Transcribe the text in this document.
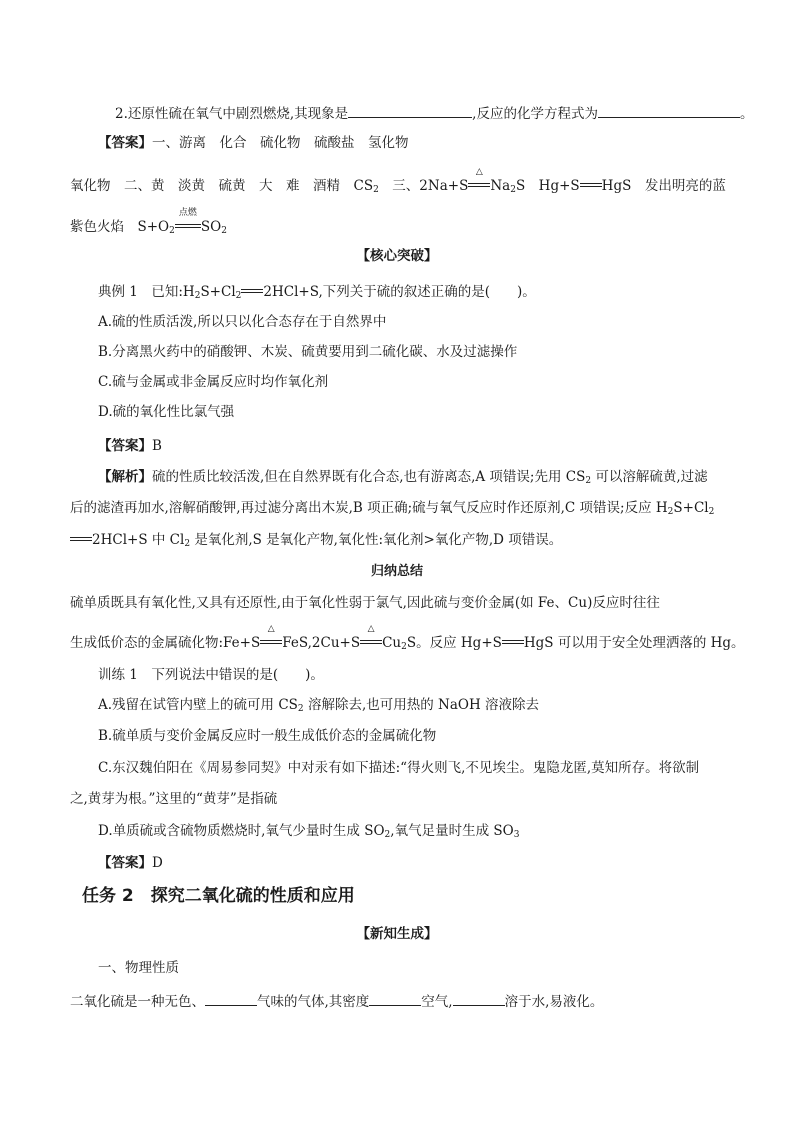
2.还原性硫在氧气中剧烈燃烧,其现象是	,反应的化学方程式为	。
【答案】一、游离　化合　硫化物　硫酸盐　氢化物
氧化物　二、黄　淡黄　硫黄　大　难　酒精　$CS_2$　三、2Na+S
△
$Na_2S$　Hg+S HgS　发出明亮的蓝
紫色火焰　$S+O_2$
点燃
$SO_2$
【核心突破】
典例 1　已知$:H_2S+Cl_2$ 2HCl+S,下列关于硫的叙述正确的是(　　)。
A.硫的性质活泼,所以只以化合态存在于自然界中
B.分离黑火药中的硝酸钾、木炭、硫黄要用到二硫化碳、水及过滤操作
C.硫与金属或非金属反应时均作氧化剂
D.硫的氧化性比氯气强
【答案】B
【解析】硫的性质比较活泼,但在自然界既有化合态,也有游离态,A 项错误;先用 $CS_2$ 可以溶解硫黄,过滤
后的滤渣再加水,溶解硝酸钾,再过滤分离出木炭,B 项正确;硫与氧气反应时作还原剂,C 项错误;反应 $H_2S+Cl_2$
2HCl+S 中 $Cl_2$ 是氧化剂,S 是氧化产物,氧化性:氧化剂>氧化产物,D 项错误。
归纳总结
硫单质既具有氧化性,又具有还原性,由于氧化性弱于氯气,因此硫与变价金属(如 Fe、Cu)反应时往往
生成低价态的金属硫化物:Fe+S
△
FeS,2Cu+S
△
$Cu_2S$。反应 Hg+S HgS 可以用于安全处理洒落的 Hg。
训练 1　下列说法中错误的是(　　)。
A.残留在试管内壁上的硫可用 $CS_2$ 溶解除去,也可用热的 NaOH 溶液除去
B.硫单质与变价金属反应时一般生成低价态的金属硫化物
C.东汉魏伯阳在《周易参同契》中对汞有如下描述:“得火则飞,不见埃尘。鬼隐龙匿,莫知所存。将欲制
之,黄芽为根。”这里的“黄芽”是指硫
D.单质硫或含硫物质燃烧时,氧气少量时生成 $SO_2$,氧气足量时生成 $SO_3$
【答案】D
任务 2　探究二氧化硫的性质和应用
【新知生成】
一、物理性质
二氧化硫是一种无色、	气味的气体,其密度	空气,	溶于水,易液化。
